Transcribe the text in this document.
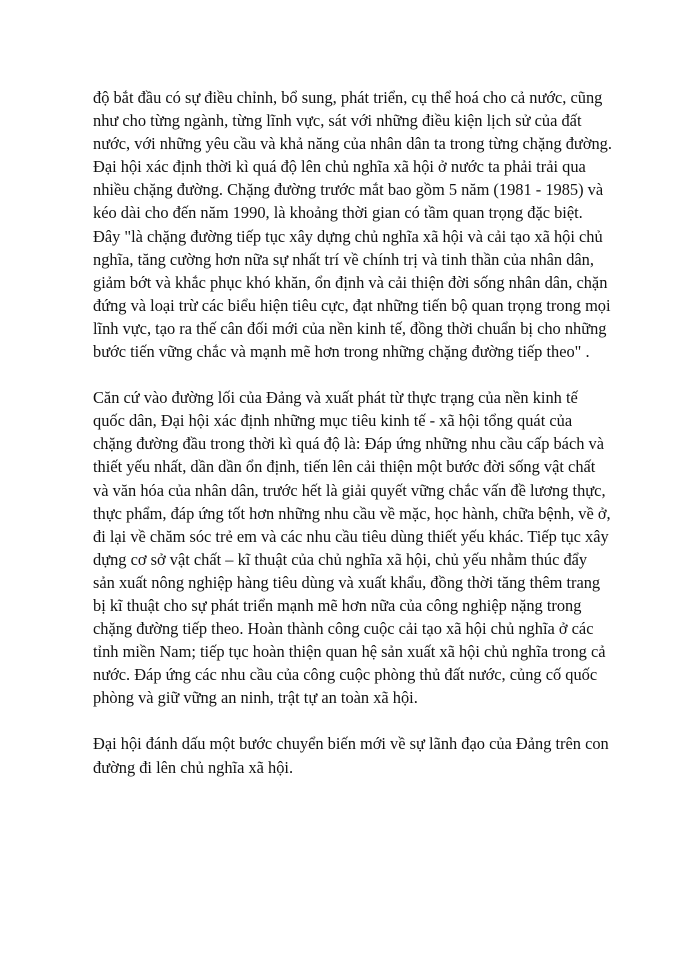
độ bắt đầu có sự điều chỉnh, bổ sung, phát triển, cụ thể hoá cho cả nước, cũng như cho từng ngành, từng lĩnh vực, sát với những điều kiện lịch sử của đất nước, với những yêu cầu và khả năng của nhân dân ta trong từng chặng đường.

Đại hội xác định thời kì quá độ lên chủ nghĩa xã hội ở nước ta phải trải qua nhiều chặng đường. Chặng đường trước mắt bao gồm 5 năm (1981 - 1985) và kéo dài cho đến năm 1990, là khoảng thời gian có tầm quan trọng đặc biệt. Đây "là chặng đường tiếp tục xây dựng chủ nghĩa xã hội và cải tạo xã hội chủ nghĩa, tăng cường hơn nữa sự nhất trí về chính trị và tinh thần của nhân dân, giảm bớt và khắc phục khó khăn, ổn định và cải thiện đời sống nhân dân, chặn đứng và loại trừ các biểu hiện tiêu cực, đạt những tiến bộ quan trọng trong mọi lĩnh vực, tạo ra thế cân đối mới của nền kinh tế, đồng thời chuẩn bị cho những bước tiến vững chắc và mạnh mẽ hơn trong những chặng đường tiếp theo" .

Căn cứ vào đường lối của Đảng và xuất phát từ thực trạng của nền kinh tế quốc dân, Đại hội xác định những mục tiêu kinh tế - xã hội tổng quát của chặng đường đầu trong thời kì quá độ là: Đáp ứng những nhu cầu cấp bách và thiết yếu nhất, dần dần ổn định, tiến lên cải thiện một bước đời sống vật chất và văn hóa của nhân dân, trước hết là giải quyết vững chắc vấn đề lương thực, thực phẩm, đáp ứng tốt hơn những nhu cầu về mặc, học hành, chữa bệnh, về ở, đi lại về chăm sóc trẻ em và các nhu cầu tiêu dùng thiết yếu khác. Tiếp tục xây dựng cơ sở vật chất – kĩ thuật của chủ nghĩa xã hội, chủ yếu nhằm thúc đẩy sản xuất nông nghiệp hàng tiêu dùng và xuất khẩu, đồng thời tăng thêm trang bị kĩ thuật cho sự phát triển mạnh mẽ hơn nữa của công nghiệp nặng trong chặng đường tiếp theo. Hoàn thành công cuộc cải tạo xã hội chủ nghĩa ở các tỉnh miền Nam; tiếp tục hoàn thiện quan hệ sản xuất xã hội chủ nghĩa trong cả nước. Đáp ứng các nhu cầu của công cuộc phòng thủ đất nước, củng cố quốc phòng và giữ vững an ninh, trật tự an toàn xã hội.

Đại hội đánh dấu một bước chuyển biến mới về sự lãnh đạo của Đảng trên con đường đi lên chủ nghĩa xã hội.
